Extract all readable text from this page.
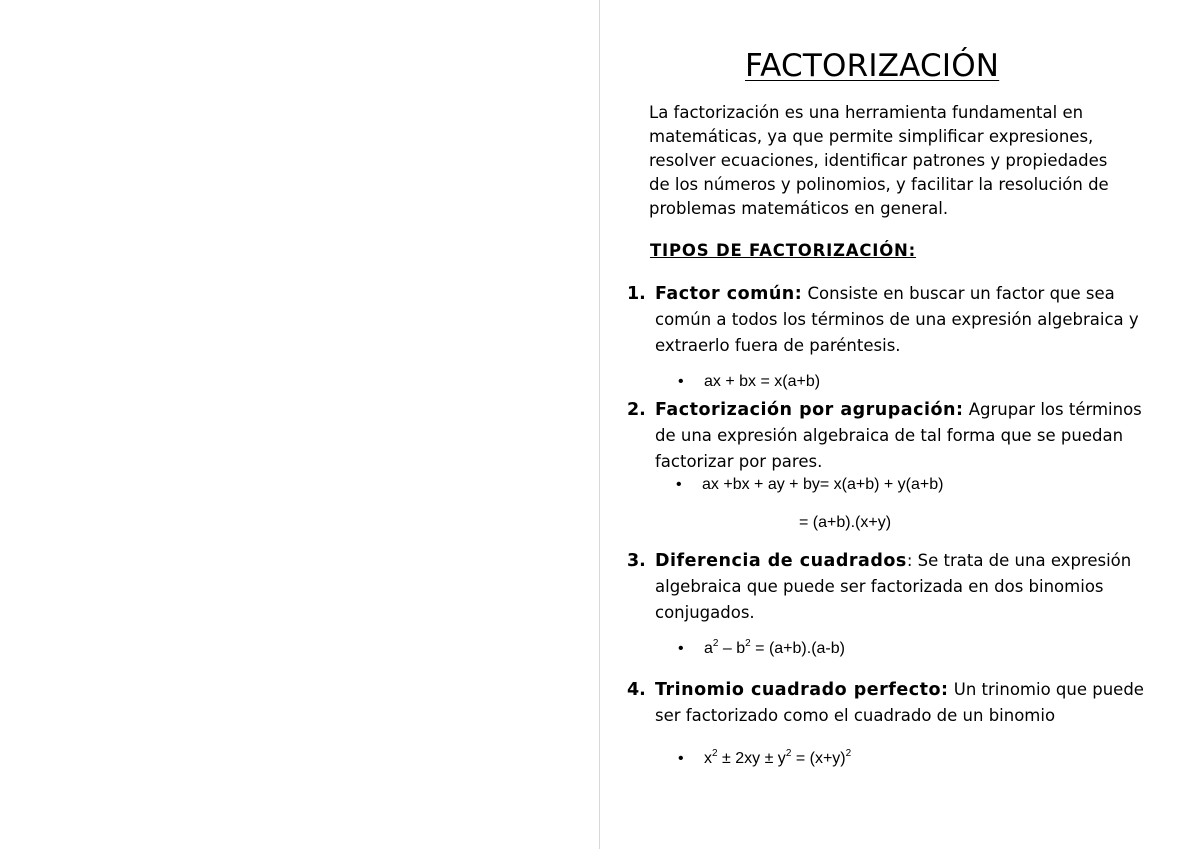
FACTORIZACIÓN
La factorización es una herramienta fundamental en
matemáticas, ya que permite simplificar expresiones,
resolver ecuaciones, identificar patrones y propiedades
de los números y polinomios, y facilitar la resolución de
problemas matemáticos en general.
TIPOS DE FACTORIZACIÓN:
1. Factor común: Consiste en buscar un factor que sea
común a todos los términos de una expresión algebraica y
extraerlo fuera de paréntesis.
• ax + bx = x(a+b)
2. Factorización por agrupación: Agrupar los términos
de una expresión algebraica de tal forma que se puedan
factorizar por pares.
• ax +bx + ay + by= x(a+b) + y(a+b)
= (a+b).(x+y)
3. Diferencia de cuadrados: Se trata de una expresión
algebraica que puede ser factorizada en dos binomios
conjugados.
• $a^2 - b^2 = (a+b).(a-b)$
4. Trinomio cuadrado perfecto: Un trinomio que puede
ser factorizado como el cuadrado de un binomio
• $x^2 \pm 2xy \pm y^2 = (x+y)^2$
